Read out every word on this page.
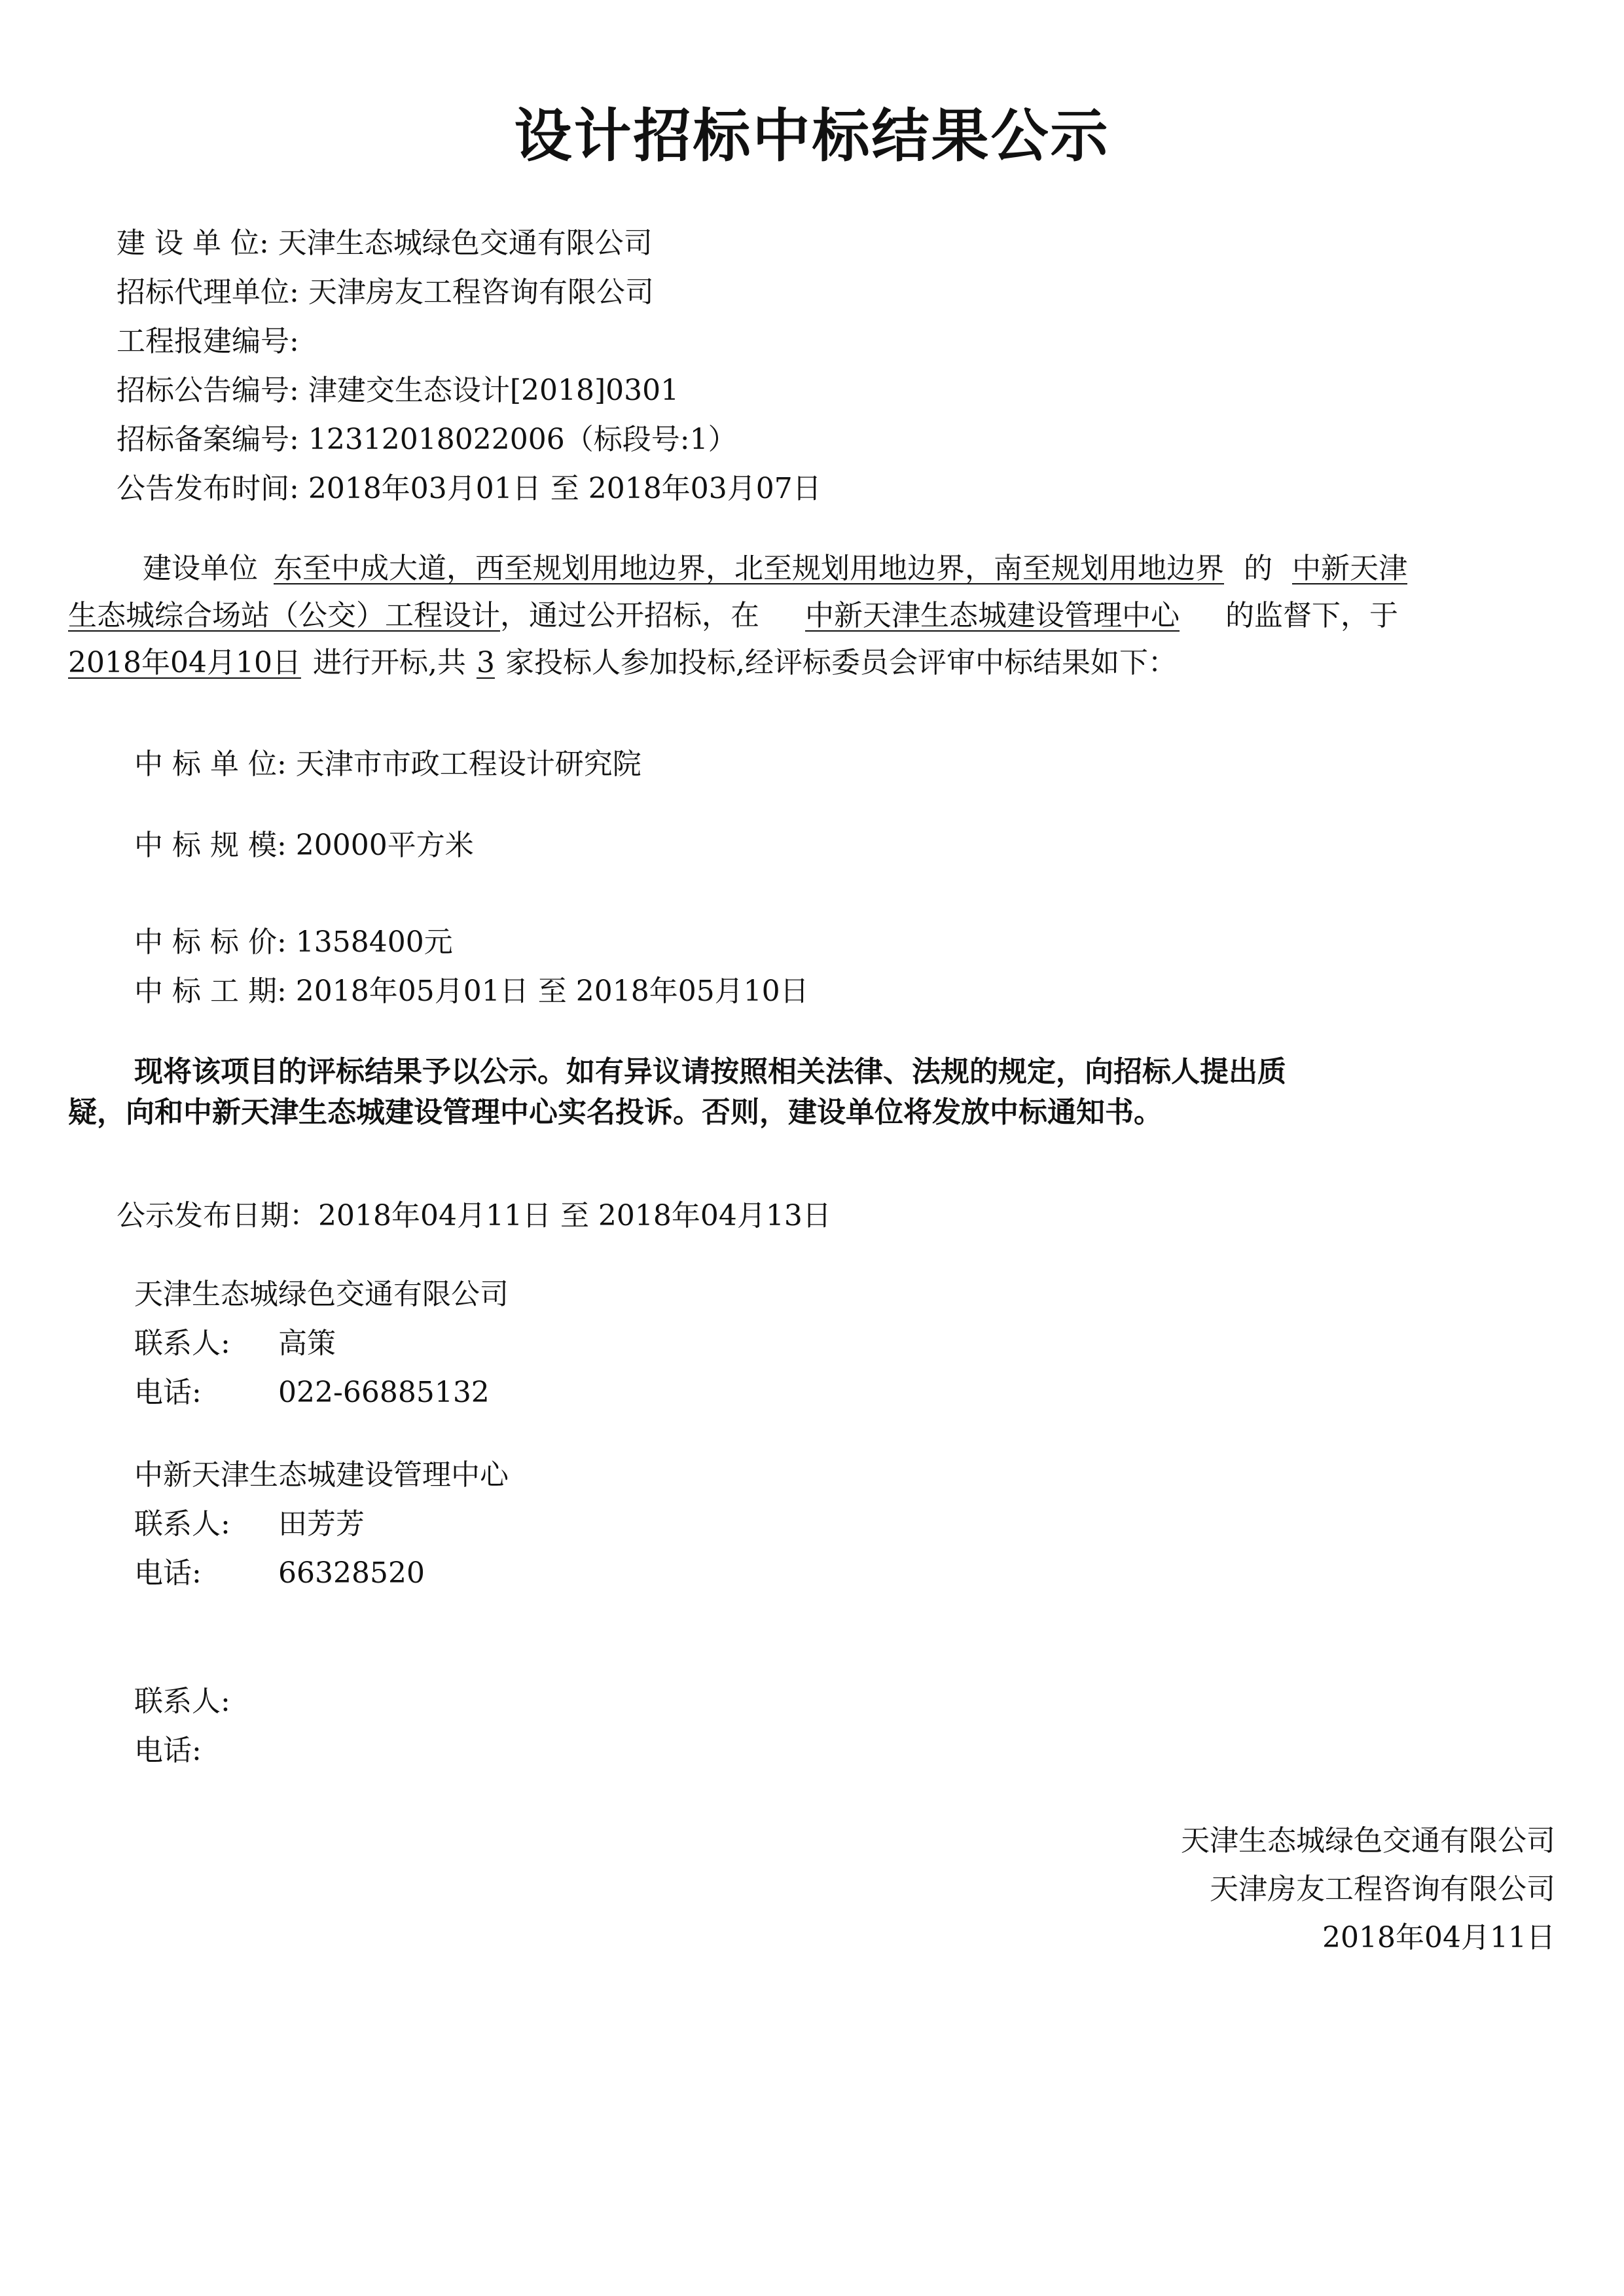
设计招标中标结果公示
建 设 单 位: 天津生态城绿色交通有限公司
招标代理单位: 天津房友工程咨询有限公司
工程报建编号:
招标公告编号: 津建交生态设计[2018]0301
招标备案编号: 12312018022006（标段号:1）
公告发布时间: 2018年03月01日 至 2018年03月07日
建设单位 东至中成大道，西至规划用地边界，北至规划用地边界，南至规划用地边界 的 中新天津
生态城综合场站（公交）工程设计，通过公开招标，在 中新天津生态城建设管理中心 的监督下，于
2018年04月10日 进行开标,共 3 家投标人参加投标,经评标委员会评审中标结果如下：
中 标 单 位: 天津市市政工程设计研究院
中 标 规 模: 20000平方米
中 标 标 价: 1358400元
中 标 工 期: 2018年05月01日 至 2018年05月10日
现将该项目的评标结果予以公示。如有异议请按照相关法律、法规的规定，向招标人提出质
疑，向和中新天津生态城建设管理中心实名投诉。否则，建设单位将发放中标通知书。
公示发布日期：2018年04月11日 至 2018年04月13日
天津生态城绿色交通有限公司
联系人: 高策
电话:	022-66885132
中新天津生态城建设管理中心
联系人: 田芳芳
电话:	66328520
联系人:
电话:
天津生态城绿色交通有限公司
天津房友工程咨询有限公司
2018年04月11日
